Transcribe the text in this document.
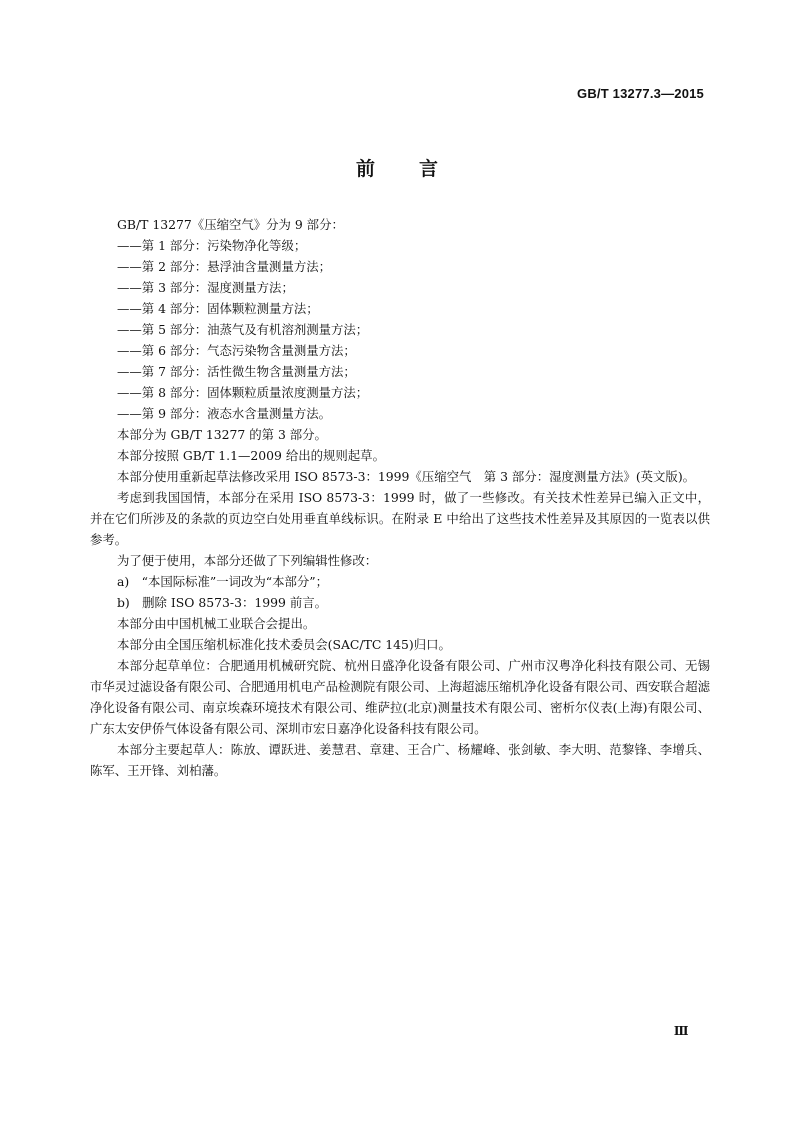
GB/T 13277.3—2015
前 言

GB/T 13277《压缩空气》分为 9 部分：

——第 1 部分：污染物净化等级；

——第 2 部分：悬浮油含量测量方法；

——第 3 部分：湿度测量方法；

——第 4 部分：固体颗粒测量方法；

——第 5 部分：油蒸气及有机溶剂测量方法；

——第 6 部分：气态污染物含量测量方法；

——第 7 部分：活性微生物含量测量方法；

——第 8 部分：固体颗粒质量浓度测量方法；

——第 9 部分：液态水含量测量方法。

本部分为 GB/T 13277 的第 3 部分。

本部分按照 GB/T 1.1—2009 给出的规则起草。

本部分使用重新起草法修改采用 ISO 8573-3：1999《压缩空气　第 3 部分：湿度测量方法》(英文版)。

考虑到我国国情，本部分在采用 ISO 8573-3：1999 时，做了一些修改。有关技术性差异已编入正文中，并在它们所涉及的条款的页边空白处用垂直单线标识。在附录 E 中给出了这些技术性差异及其原因的一览表以供参考。

为了便于使用，本部分还做了下列编辑性修改：

a)　“本国际标准”一词改为“本部分”；

b)　删除 ISO 8573-3：1999 前言。

本部分由中国机械工业联合会提出。

本部分由全国压缩机标准化技术委员会(SAC/TC 145)归口。

本部分起草单位：合肥通用机械研究院、杭州日盛净化设备有限公司、广州市汉粤净化科技有限公司、无锡市华灵过滤设备有限公司、合肥通用机电产品检测院有限公司、上海超滤压缩机净化设备有限公司、西安联合超滤净化设备有限公司、南京埃森环境技术有限公司、维萨拉(北京)测量技术有限公司、密析尔仪表(上海)有限公司、广东太安伊侨气体设备有限公司、深圳市宏日嘉净化设备科技有限公司。

本部分主要起草人：陈放、谭跃进、姜慧君、章建、王合广、杨耀峰、张剑敏、李大明、范黎锋、李增兵、陈军、王开锋、刘柏藩。

Ⅲ
